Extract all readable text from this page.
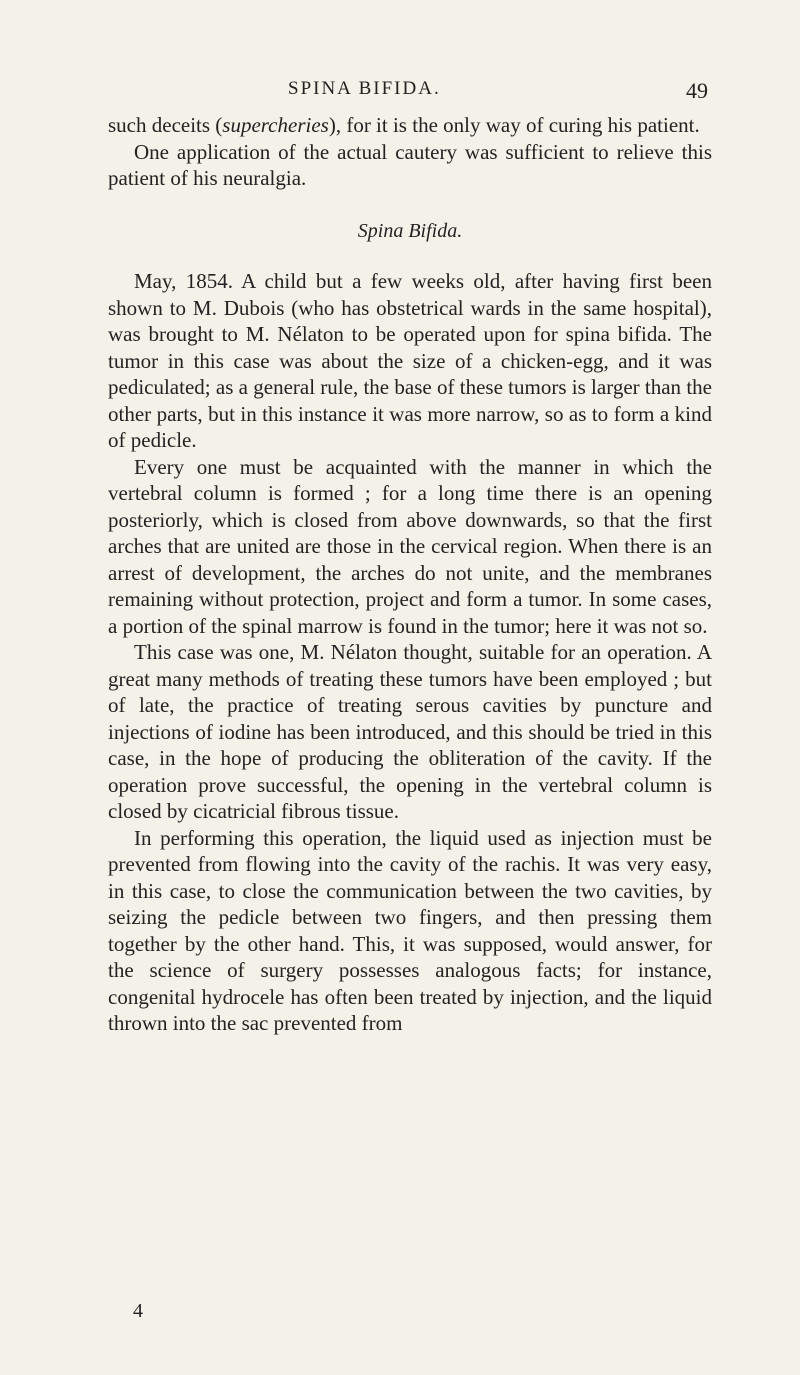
SPINA BIFIDA.	49

such deceits (supercheries), for it is the only way of curing his patient.

One application of the actual cautery was sufficient to relieve this patient of his neuralgia.

Spina Bifida.

May, 1854. A child but a few weeks old, after having first been shown to M. Dubois (who has obstetrical wards in the same hospital), was brought to M. Nélaton to be operated upon for spina bifida. The tumor in this case was about the size of a chicken-egg, and it was pediculated; as a general rule, the base of these tumors is larger than the other parts, but in this instance it was more narrow, so as to form a kind of pedicle.

Every one must be acquainted with the manner in which the vertebral column is formed ; for a long time there is an opening posteriorly, which is closed from above downwards, so that the first arches that are united are those in the cervical region. When there is an arrest of development, the arches do not unite, and the membranes remaining without protection, project and form a tumor. In some cases, a portion of the spinal marrow is found in the tumor; here it was not so.

This case was one, M. Nélaton thought, suitable for an operation. A great many methods of treating these tumors have been employed ; but of late, the practice of treating serous cavities by puncture and injections of iodine has been introduced, and this should be tried in this case, in the hope of producing the obliteration of the cavity. If the operation prove successful, the opening in the vertebral column is closed by cicatricial fibrous tissue.

In performing this operation, the liquid used as injection must be prevented from flowing into the cavity of the rachis. It was very easy, in this case, to close the communication between the two cavities, by seizing the pedicle between two fingers, and then pressing them together by the other hand. This, it was supposed, would answer, for the science of surgery possesses analogous facts; for instance, congenital hydrocele has often been treated by injection, and the liquid thrown into the sac prevented from

4
